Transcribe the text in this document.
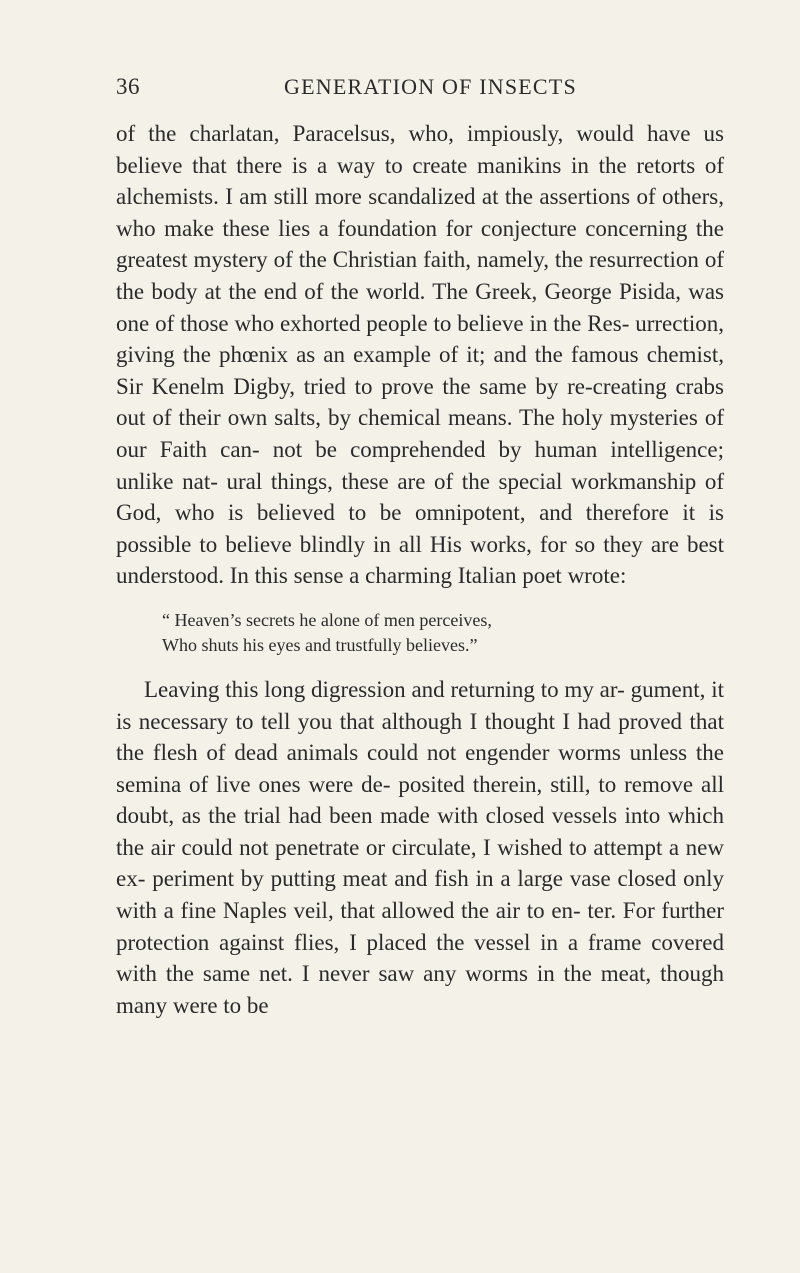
36	GENERATION OF INSECTS

of the charlatan, Paracelsus, who, impiously, would have us believe that there is a way to create manikins in the retorts of alchemists. I am still more scandalized at the assertions of others, who make these lies a foundation for conjecture concerning the greatest mystery of the Christian faith, namely, the resurrection of the body at the end of the world. The Greek, George Pisida, was one of those who exhorted people to believe in the Res- urrection, giving the phœnix as an example of it; and the famous chemist, Sir Kenelm Digby, tried to prove the same by re-creating crabs out of their own salts, by chemical means. The holy mysteries of our Faith can- not be comprehended by human intelligence; unlike nat- ural things, these are of the special workmanship of God, who is believed to be omnipotent, and therefore it is possible to believe blindly in all His works, for so they are best understood. In this sense a charming Italian poet wrote:

“ Heaven’s secrets he alone of men perceives,
Who shuts his eyes and trustfully believes.”

Leaving this long digression and returning to my ar- gument, it is necessary to tell you that although I thought I had proved that the flesh of dead animals could not engender worms unless the semina of live ones were de- posited therein, still, to remove all doubt, as the trial had been made with closed vessels into which the air could not penetrate or circulate, I wished to attempt a new ex- periment by putting meat and fish in a large vase closed only with a fine Naples veil, that allowed the air to en- ter. For further protection against flies, I placed the vessel in a frame covered with the same net. I never saw any worms in the meat, though many were to be
